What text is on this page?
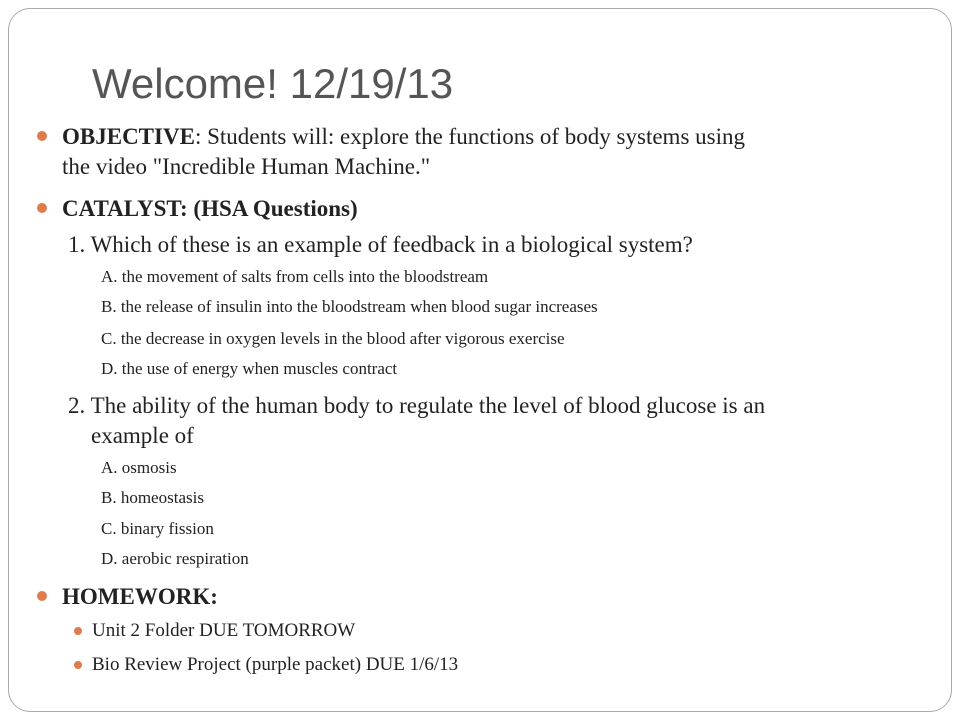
Welcome! 12/19/13
OBJECTIVE: Students will: explore the functions of body systems using
the video "Incredible Human Machine."
CATALYST: (HSA Questions)
1. Which of these is an example of feedback in a biological system?
A. the movement of salts from cells into the bloodstream
B. the release of insulin into the bloodstream when blood sugar increases
C. the decrease in oxygen levels in the blood after vigorous exercise
D. the use of energy when muscles contract
2. The ability of the human body to regulate the level of blood glucose is an
example of
A. osmosis
B. homeostasis
C. binary fission
D. aerobic respiration
HOMEWORK:
Unit 2 Folder DUE TOMORROW
Bio Review Project (purple packet) DUE 1/6/13
